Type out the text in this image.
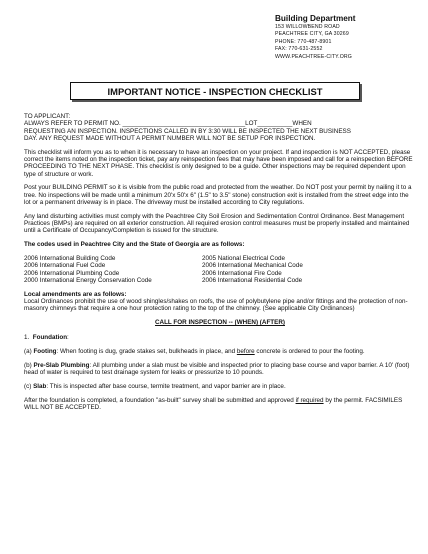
Building Department
153 WILLOWBEND ROAD
PEACHTREE CITY, GA 30269
PHONE: 770-487-8901
FAX: 770-631-2552
WWW.PEACHTREE-CITY.ORG
IMPORTANT NOTICE - INSPECTION CHECKLIST

TO APPLICANT:
ALWAYS REFER TO PERMIT NO. ___________________________________LOT__________WHEN
REQUESTING AN INSPECTION. INSPECTIONS CALLED IN BY 3:30 WILL BE INSPECTED THE NEXT BUSINESS
DAY. ANY REQUEST MADE WITHOUT A PERMIT NUMBER WILL NOT BE SETUP FOR INSPECTION.

This checklist will inform you as to when it is necessary to have an inspection on your project. If and inspection is NOT ACCEPTED, please correct the items noted on the inspection ticket, pay any reinspection fees that may have been imposed and call for a reinspection BEFORE PROCEEDING TO THE NEXT PHASE. This checklist is only designed to be a guide. Other inspections may be required dependent upon type of structure or work.

Post your BUILDING PERMIT so it is visible from the public road and protected from the weather. Do NOT post your permit by nailing it to a tree. No inspections will be made until a minimum 20'x 50'x 6" (1.5" to 3.5" stone) construction exit is installed from the street edge into the lot or a permanent driveway is in place. The driveway must be installed according to City regulations.

Any land disturbing activities must comply with the Peachtree City Soil Erosion and Sedimentation Control Ordinance. Best Management Practices (BMPs) are required on all exterior construction. All required erosion control measures must be properly installed and maintained until a Certificate of Occupancy/Completion is issued for the structure.

The codes used in Peachtree City and the State of Georgia are as follows:

2006 International Building Code
2006 International Fuel Code
2006 International Plumbing Code
2000 International Energy Conservation Code
2005 National Electrical Code
2006 International Mechanical Code
2006 International Fire Code
2006 International Residential Code

Local amendments are as follows:
Local Ordinances prohibit the use of wood shingles/shakes on roofs, the use of polybutylene pipe and/or fittings and the protection of non-masonry chimneys that require a one hour protection rating to the top of the chimney. (See applicable City Ordinances)

CALL FOR INSPECTION -- (WHEN) (AFTER)

1. Foundation:

(a) Footing: When footing is dug, grade stakes set, bulkheads in place, and before concrete is ordered to pour the footing.

(b) Pre-Slab Plumbing: All plumbing under a slab must be visible and inspected prior to placing base course and vapor barrier. A 10' (foot) head of water is required to test drainage system for leaks or pressurize to 10 pounds.

(c) Slab: This is inspected after base course, termite treatment, and vapor barrier are in place.

After the foundation is completed, a foundation "as-built" survey shall be submitted and approved if required by the permit. FACSIMILES WILL NOT BE ACCEPTED.
